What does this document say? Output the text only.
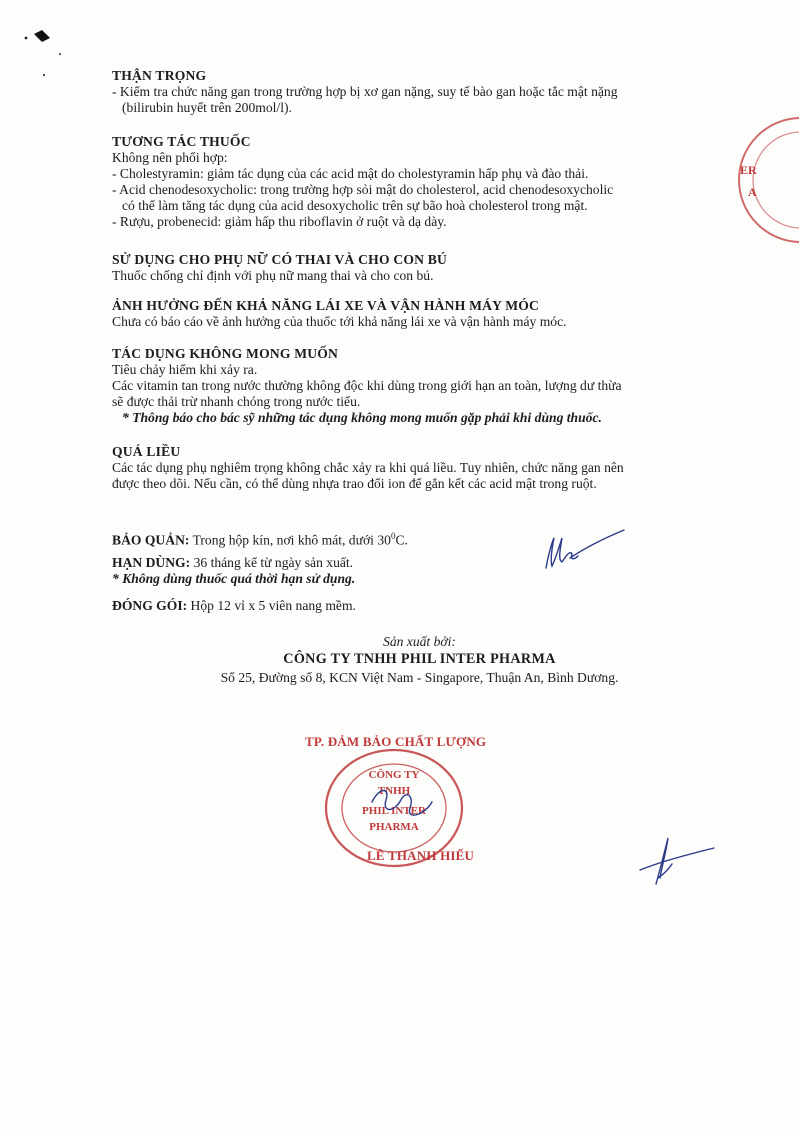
THẬN TRỌNG
- Kiểm tra chức năng gan trong trường hợp bị xơ gan nặng, suy tế bào gan hoặc tắc mật nặng
(bilirubin huyết trên 200mol/l).
TƯƠNG TÁC THUỐC
Không nên phối hợp:
- Cholestyramin: giảm tác dụng của các acid mật do cholestyramin hấp phụ và đào thải.
- Acid chenodesoxycholic: trong trường hợp sỏi mật do cholesterol, acid chenodesoxycholic
có thể làm tăng tác dụng của acid desoxycholic trên sự bão hoà cholesterol trong mật.
- Rượu, probenecid: giảm hấp thu riboflavin ở ruột và dạ dày.
SỬ DỤNG CHO PHỤ NỮ CÓ THAI VÀ CHO CON BÚ
Thuốc chống chỉ định với phụ nữ mang thai và cho con bú.
ẢNH HƯỞNG ĐẾN KHẢ NĂNG LÁI XE VÀ VẬN HÀNH MÁY MÓC
Chưa có báo cáo về ảnh hưởng của thuốc tới khả năng lái xe và vận hành máy móc.
TÁC DỤNG KHÔNG MONG MUỐN
Tiêu chảy hiếm khi xảy ra.
Các vitamin tan trong nước thường không độc khi dùng trong giới hạn an toàn, lượng dư thừa
sẽ được thải trừ nhanh chóng trong nước tiểu.
* Thông báo cho bác sỹ những tác dụng không mong muốn gặp phải khi dùng thuốc.
QUÁ LIỀU
Các tác dụng phụ nghiêm trọng không chắc xảy ra khi quá liều. Tuy nhiên, chức năng gan nên
được theo dõi. Nếu cần, có thể dùng nhựa trao đổi ion để gắn kết các acid mật trong ruột.
BẢO QUẢN: Trong hộp kín, nơi khô mát, dưới $30^0C$.
HẠN DÙNG: 36 tháng kể từ ngày sản xuất.
* Không dùng thuốc quá thời hạn sử dụng.
ĐÓNG GÓI: Hộp 12 vỉ x 5 viên nang mềm.
Sản xuất bởi:
CÔNG TY TNHH PHIL INTER PHARMA
Số 25, Đường số 8, KCN Việt Nam - Singapore, Thuận An, Bình Dương.
ER
A
TP. ĐẢM BẢO CHẤT LƯỢNG
CÔNG TY
TNHH
PHIL INTER
PHARMA
LÊ THANH HIẾU
